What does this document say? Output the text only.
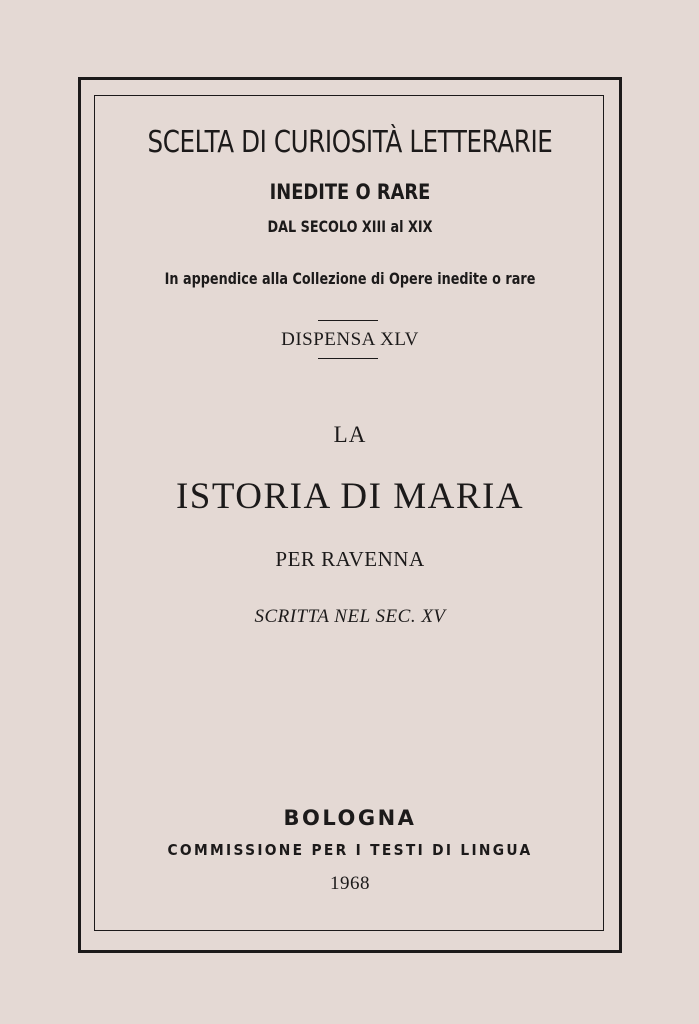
SCELTA DI CURIOSITÀ LETTERARIE
INEDITE O RARE
DAL SECOLO XIII al XIX
In appendice alla Collezione di Opere inedite o rare
DISPENSA XLV
LA
ISTORIA DI MARIA
PER RAVENNA
SCRITTA NEL SEC. XV
BOLOGNA
COMMISSIONE PER I TESTI DI LINGUA
1968
